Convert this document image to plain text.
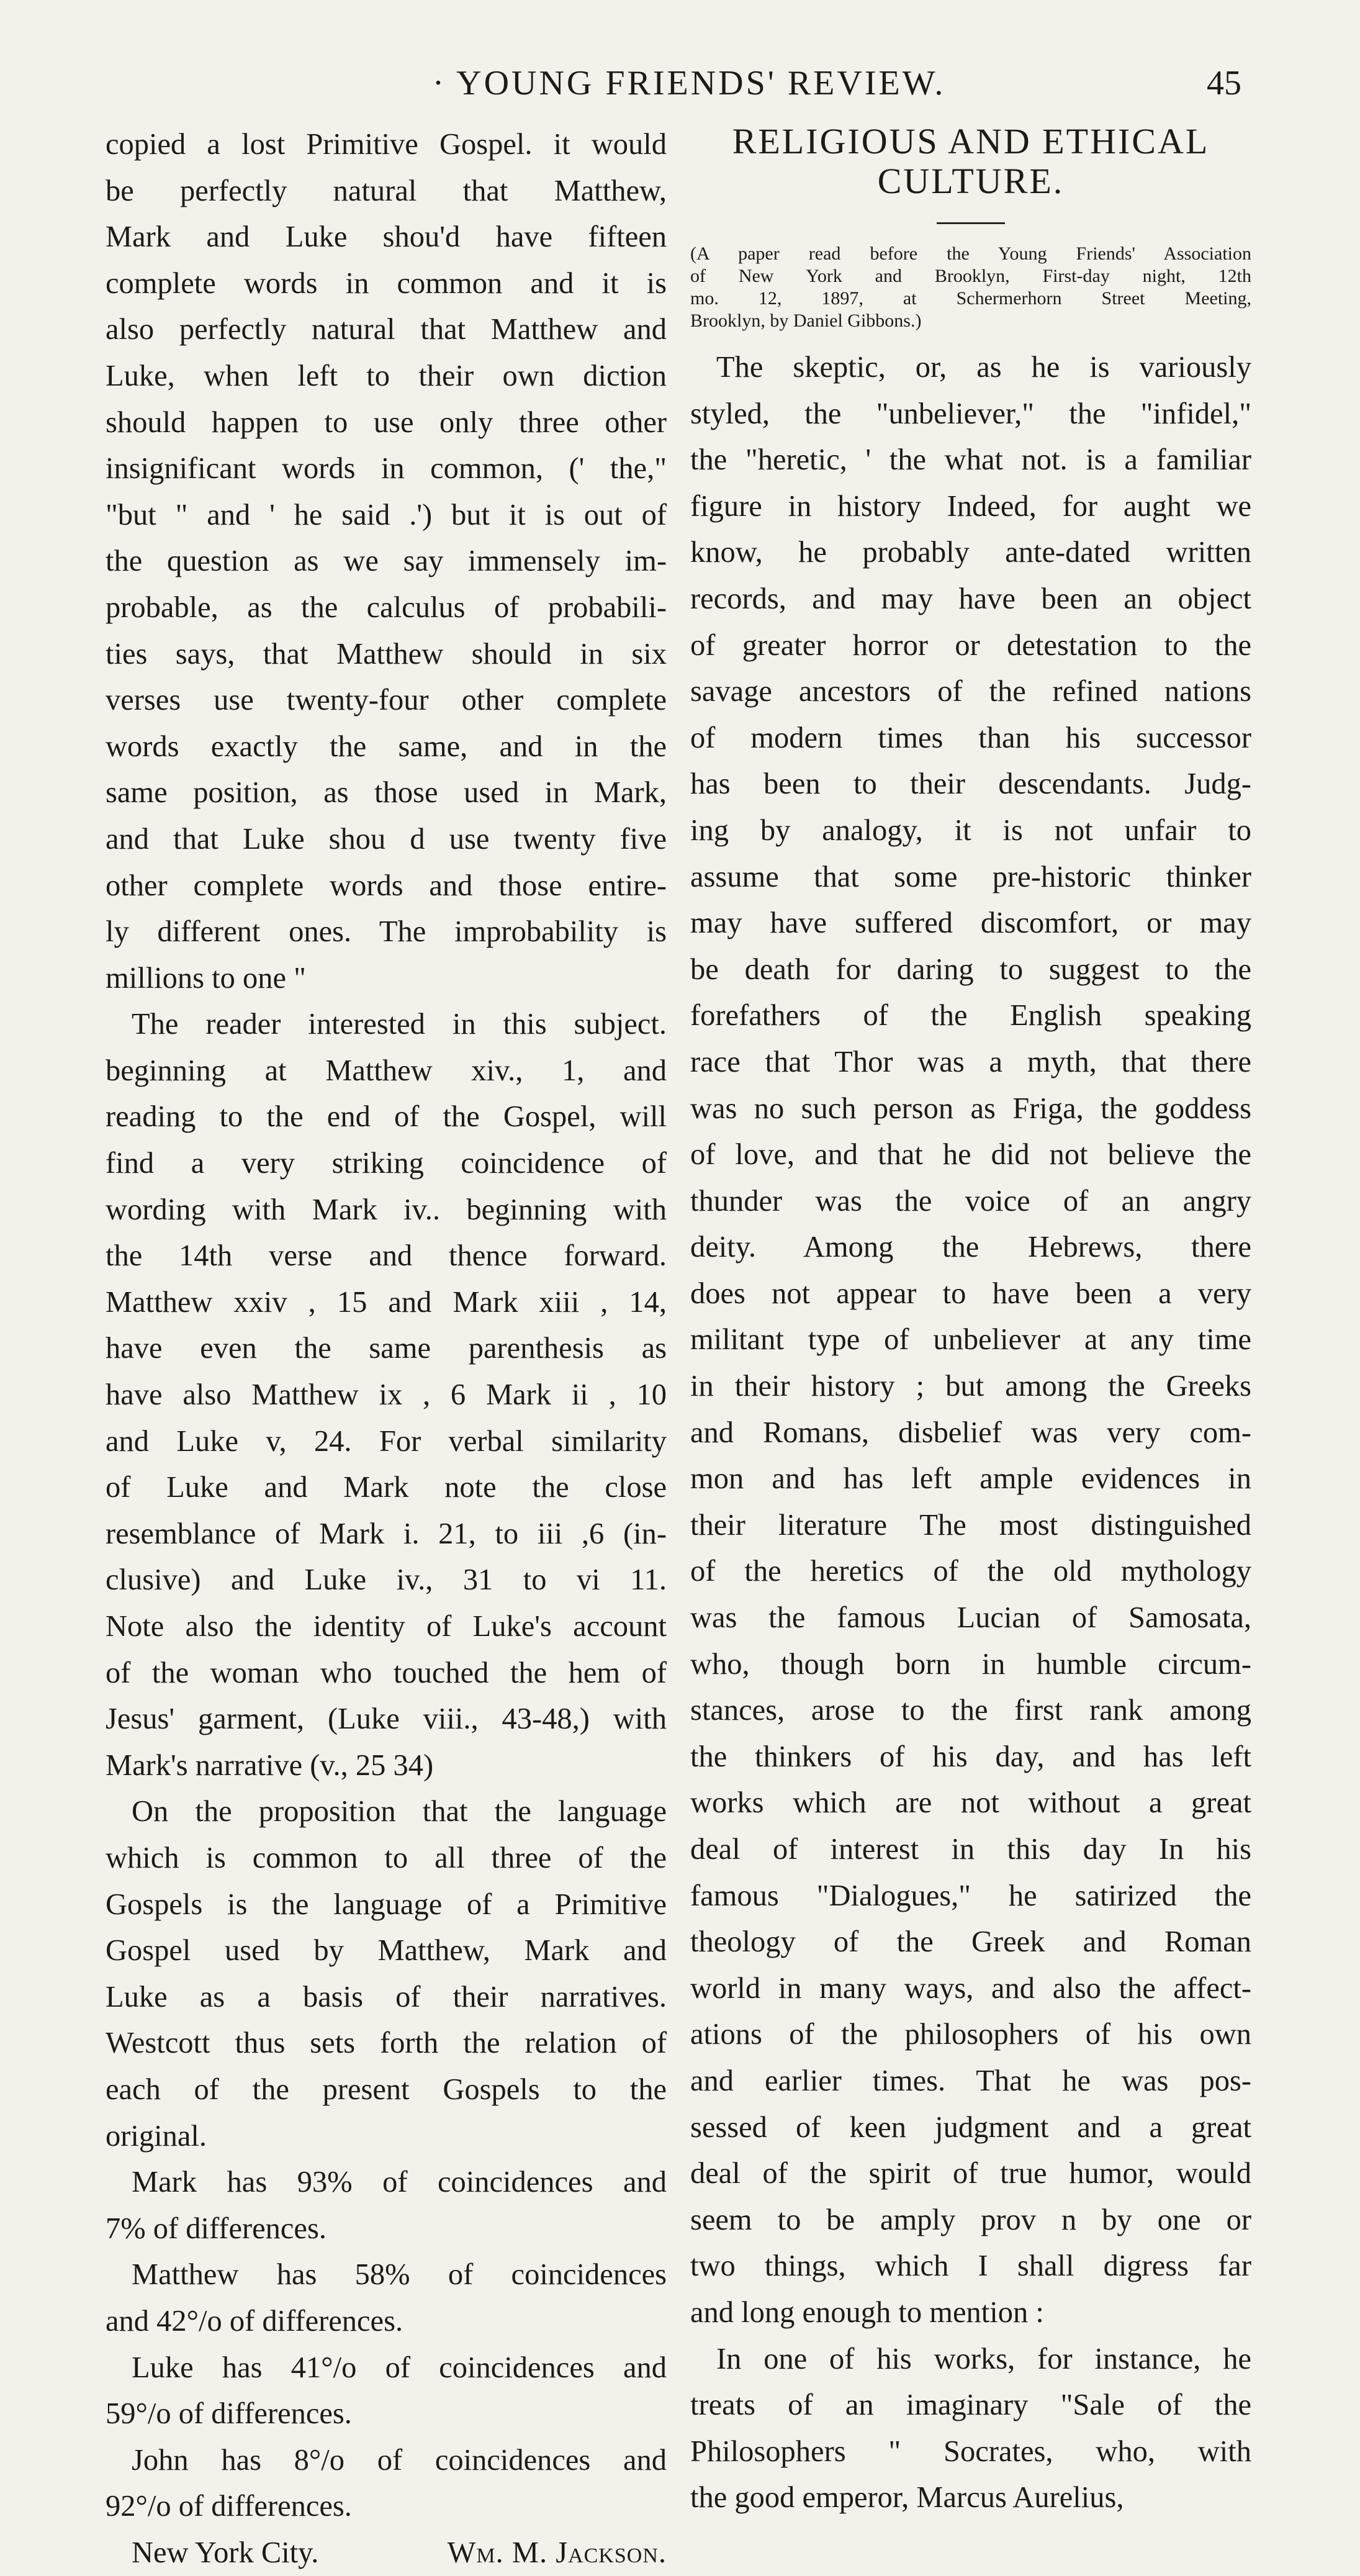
· YOUNG FRIENDS' REVIEW.	45
copied a lost Primitive Gospel. it would
be perfectly natural that Matthew,
Mark and Luke shou'd have fifteen
complete words in common and it is
also perfectly natural that Matthew and
Luke, when left to their own diction
should happen to use only three other
insignificant words in common, (' the,"
"but " and ' he said .') but it is out of
the question as we say immensely im-
probable, as the calculus of probabili-
ties says, that Matthew should in six
verses use twenty-four other complete
words exactly the same, and in the
same position, as those used in Mark,
and that Luke shou d use twenty five
other complete words and those entire-
ly different ones. The improbability is
millions to one "
The reader interested in this subject.
beginning at Matthew xiv., 1, and
reading to the end of the Gospel, will
find a very striking coincidence of
wording with Mark iv.. beginning with
the 14th verse and thence forward.
Matthew xxiv , 15 and Mark xiii , 14,
have even the same parenthesis as
have also Matthew ix , 6 Mark ii , 10
and Luke v, 24. For verbal similarity
of Luke and Mark note the close
resemblance of Mark i. 21, to iii ,6 (in-
clusive) and Luke iv., 31 to vi 11.
Note also the identity of Luke's account
of the woman who touched the hem of
Jesus' garment, (Luke viii., 43-48,) with
Mark's narrative (v., 25 34)
On the proposition that the language
which is common to all three of the
Gospels is the language of a Primitive
Gospel used by Matthew, Mark and
Luke as a basis of their narratives.
Westcott thus sets forth the relation of
each of the present Gospels to the
original.
Mark has 93% of coincidences and
7% of differences.
Matthew has 58% of coincidences
and 42°/o of differences.
Luke has 41°/o of coincidences and
59°/o of differences.
John has 8°/o of coincidences and
92°/o of differences.
New York City.	Wm. M. Jackson.
RELIGIOUS AND ETHICAL
CULTURE.
(A paper read before the Young Friends' Association
of New York and Brooklyn, First-day night, 12th
mo. 12, 1897, at Schermerhorn Street Meeting,
Brooklyn, by Daniel Gibbons.)
The skeptic, or, as he is variously
styled, the "unbeliever," the "infidel,"
the "heretic, ' the what not. is a familiar
figure in history Indeed, for aught we
know, he probably ante-dated written
records, and may have been an object
of greater horror or detestation to the
savage ancestors of the refined nations
of modern times than his successor
has been to their descendants. Judg-
ing by analogy, it is not unfair to
assume that some pre-historic thinker
may have suffered discomfort, or may
be death for daring to suggest to the
forefathers of the English speaking
race that Thor was a myth, that there
was no such person as Friga, the goddess
of love, and that he did not believe the
thunder was the voice of an angry
deity. Among the Hebrews, there
does not appear to have been a very
militant type of unbeliever at any time
in their history ; but among the Greeks
and Romans, disbelief was very com-
mon and has left ample evidences in
their literature The most distinguished
of the heretics of the old mythology
was the famous Lucian of Samosata,
who, though born in humble circum-
stances, arose to the first rank among
the thinkers of his day, and has left
works which are not without a great
deal of interest in this day In his
famous "Dialogues," he satirized the
theology of the Greek and Roman
world in many ways, and also the affect-
ations of the philosophers of his own
and earlier times. That he was pos-
sessed of keen judgment and a great
deal of the spirit of true humor, would
seem to be amply prov n by one or
two things, which I shall digress far
and long enough to mention :
In one of his works, for instance, he
treats of an imaginary "Sale of the
Philosophers " Socrates, who, with
the good emperor, Marcus Aurelius,
